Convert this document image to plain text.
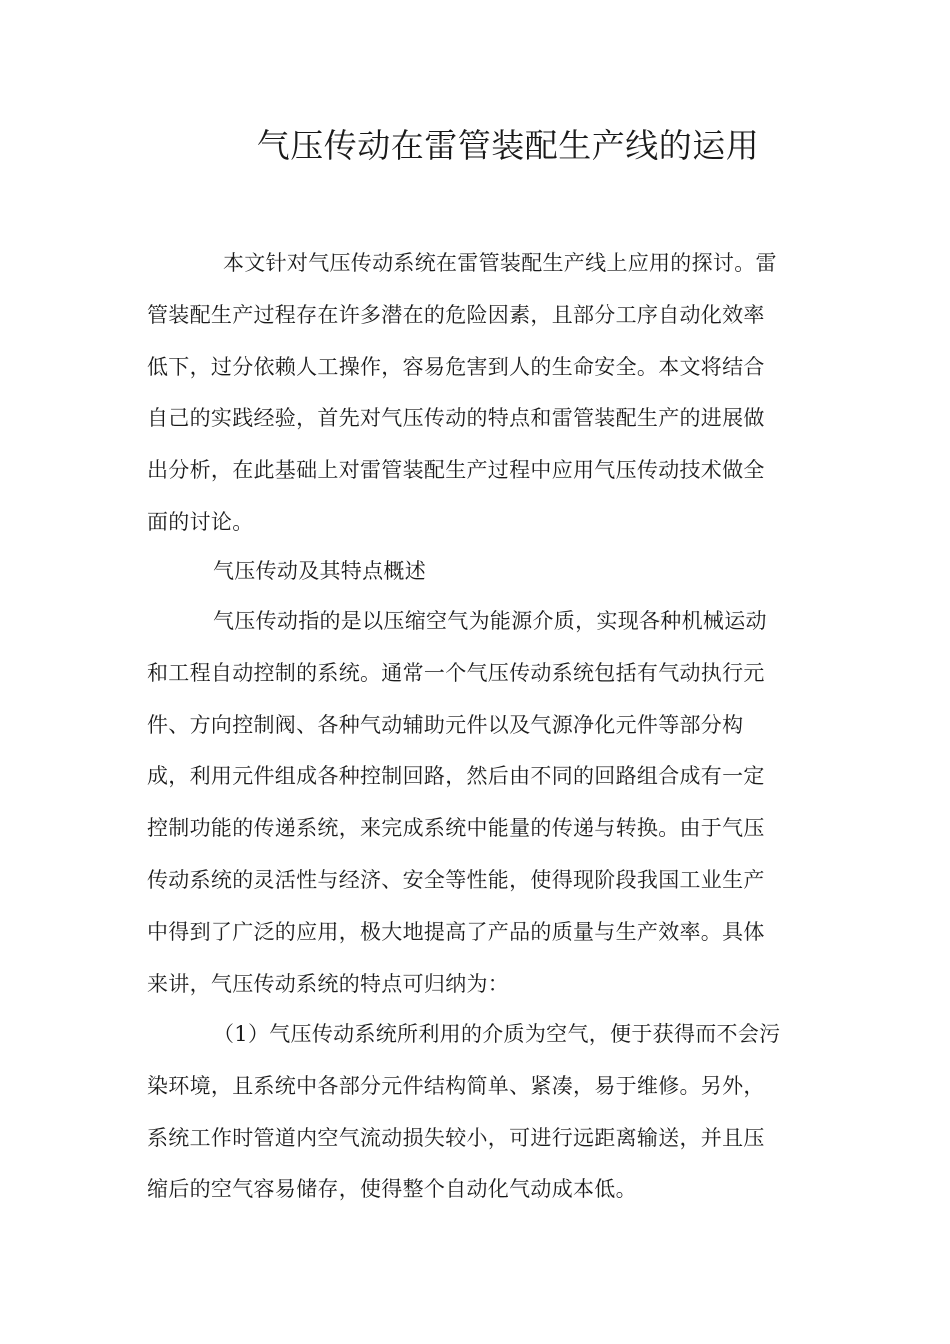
气压传动在雷管装配生产线的运用
本文针对气压传动系统在雷管装配生产线上应用的探讨。雷
管装配生产过程存在许多潜在的危险因素，且部分工序自动化效率
低下，过分依赖人工操作，容易危害到人的生命安全。本文将结合
自己的实践经验，首先对气压传动的特点和雷管装配生产的进展做
出分析，在此基础上对雷管装配生产过程中应用气压传动技术做全
面的讨论。
气压传动及其特点概述
气压传动指的是以压缩空气为能源介质，实现各种机械运动
和工程自动控制的系统。通常一个气压传动系统包括有气动执行元
件、方向控制阀、各种气动辅助元件以及气源净化元件等部分构
成，利用元件组成各种控制回路，然后由不同的回路组合成有一定
控制功能的传递系统，来完成系统中能量的传递与转换。由于气压
传动系统的灵活性与经济、安全等性能，使得现阶段我国工业生产
中得到了广泛的应用，极大地提高了产品的质量与生产效率。具体
来讲，气压传动系统的特点可归纳为：
（1）气压传动系统所利用的介质为空气，便于获得而不会污
染环境，且系统中各部分元件结构简单、紧凑，易于维修。另外，
系统工作时管道内空气流动损失较小，可进行远距离输送，并且压
缩后的空气容易储存，使得整个自动化气动成本低。
